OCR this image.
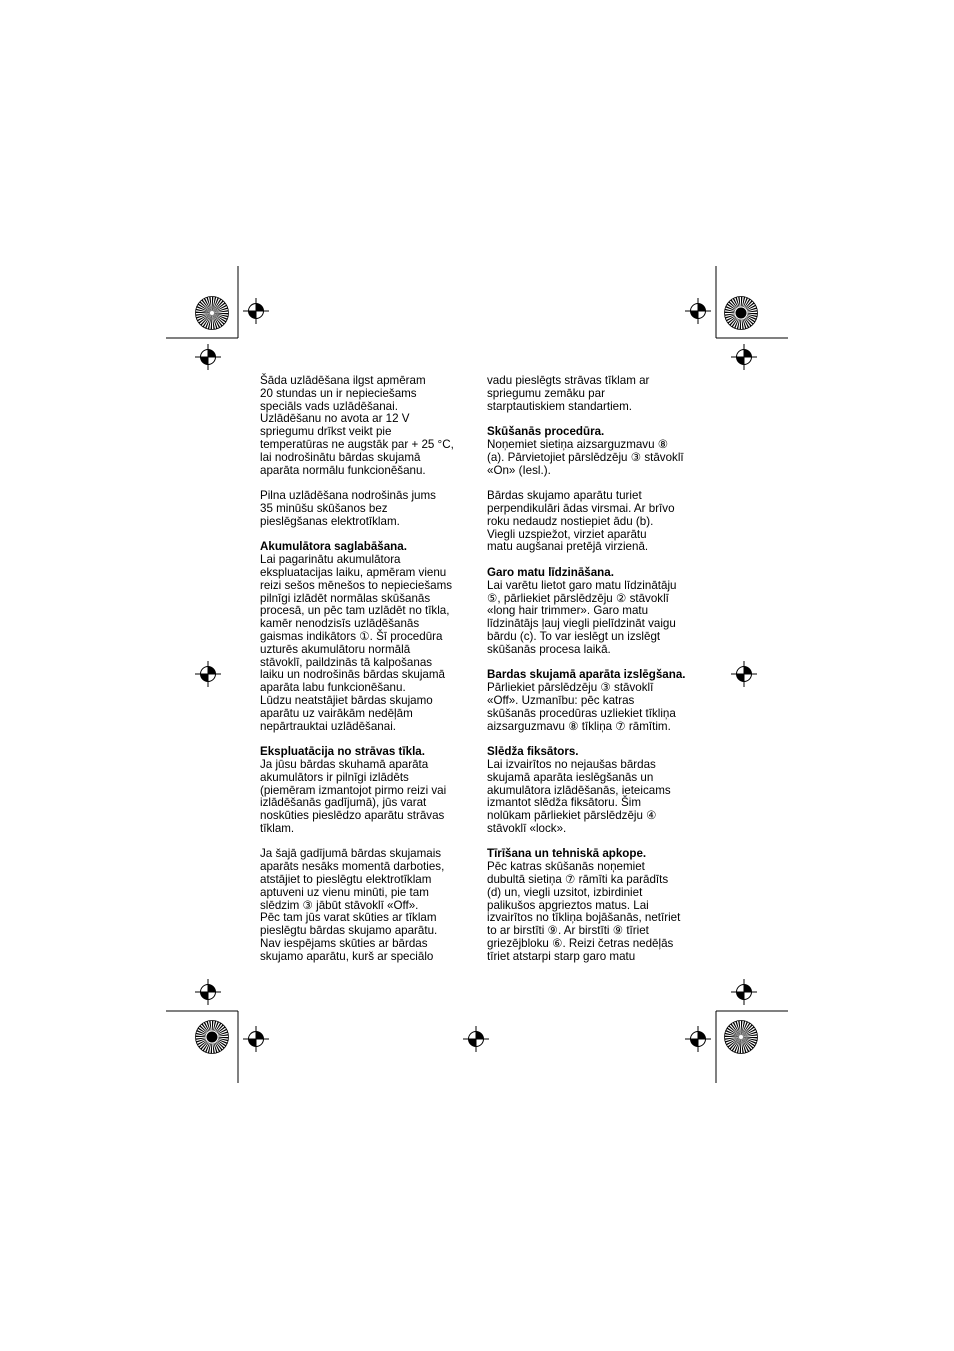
Šāda uzlādēšana ilgst apmēram
20 stundas un ir nepieciešams
speciāls vads uzlādēšanai.
Uzlādēšanu no avota ar 12 V
spriegumu drīkst veikt pie
temperatūras ne augstāk par + 25 °C,
lai nodrošinātu bārdas skujamā
aparāta normālu funkcionēšanu.

Pilna uzlādēšana nodrošinās jums
35 minūšu skūšanos bez
pieslēgšanas elektrotīklam.

Akumulātora saglabāšana.

Lai pagarinātu akumulātora
ekspluatacijas laiku, apmēram vienu
reizi sešos mēnešos to nepieciešams
pilnīgi izlādēt normālas skūšanās
procesā, un pēc tam uzlādēt no tīkla,
kamēr nenodzisīs uzlādēšanās
gaismas indikātors ①. Šī procedūra
uzturēs akumulātoru normālā
stāvoklī, paildzinās tā kalpošanas
laiku un nodrošinās bārdas skujamā
aparāta labu funkcionēšanu.
Lūdzu neatstājiet bārdas skujamo
aparātu uz vairākām nedēļām
nepārtrauktai uzlādēšanai.

Ekspluatācija no strāvas tīkla.

Ja jūsu bārdas skuhamā aparāta
akumulātors ir pilnīgi izlādēts
(piemēram izmantojot pirmo reizi vai
izlādēšanās gadījumā), jūs varat
noskūties pieslēdzo aparātu strāvas
tīklam.

Ja šajā gadījumā bārdas skujamais
aparāts nesāks momentā darboties,
atstājiet to pieslēgtu elektrotīklam
aptuveni uz vienu minūti, pie tam
slēdzim ③ jābūt stāvoklī «Off».
Pēc tam jūs varat skūties ar tīklam
pieslēgtu bārdas skujamo aparātu.
Nav iespējams skūties ar bārdas
skujamo aparātu, kurš ar speciālo

vadu pieslēgts strāvas tīklam ar
spriegumu zemāku par
starptautiskiem standartiem.

Skūšanās procedūra.

Noņemiet sietiņa aizsarguzmavu ⑧
(a). Pārvietojiet pārslēdzēju ③ stāvoklī
«On» (Iesl.).

Bārdas skujamo aparātu turiet
perpendikulāri ādas virsmai. Ar brīvo
roku nedaudz nostiepiet ādu (b).
Viegli uzspiežot, virziet aparātu
matu augšanai pretējā virzienā.

Garo matu līdzināšana.

Lai varētu lietot garo matu līdzinātāju
⑤, pārliekiet pārslēdzēju ② stāvoklī
«long hair trimmer». Garo matu
līdzinātājs ļauj viegli pielīdzināt vaigu
bārdu (c). To var ieslēgt un izslēgt
skūšanās procesa laikā.

Bardas skujamā aparāta izslēgšana.

Pārliekiet pārslēdzēju ③ stāvoklī
«Off». Uzmanību: pēc katras
skūšanās procedūras uzliekiet tīkliņa
aizsarguzmavu ⑧ tīkliņa ⑦ rāmītim.

Slēdža fiksātors.

Lai izvairītos no nejaušas bārdas
skujamā aparāta ieslēgšanās un
akumulātora izlādēšanās, ieteicams
izmantot slēdža fiksātoru. Šim
nolūkam pārliekiet pārslēdzēju ④
stāvoklī «lock».

Tīrīšana un tehniskā apkope.

Pēc katras skūšanās noņemiet
dubultā sietiņa ⑦ rāmīti ka parādīts
(d) un, viegli uzsitot, izbirdiniet
palikušos apgrieztos matus. Lai
izvairītos no tīkliņa bojāšanās, netīriet
to ar birstīti ⑨. Ar birstīti ⑨ tīriet
griezējbloku ⑥. Reizi četras nedēļās
tīriet atstarpi starp garo matu
